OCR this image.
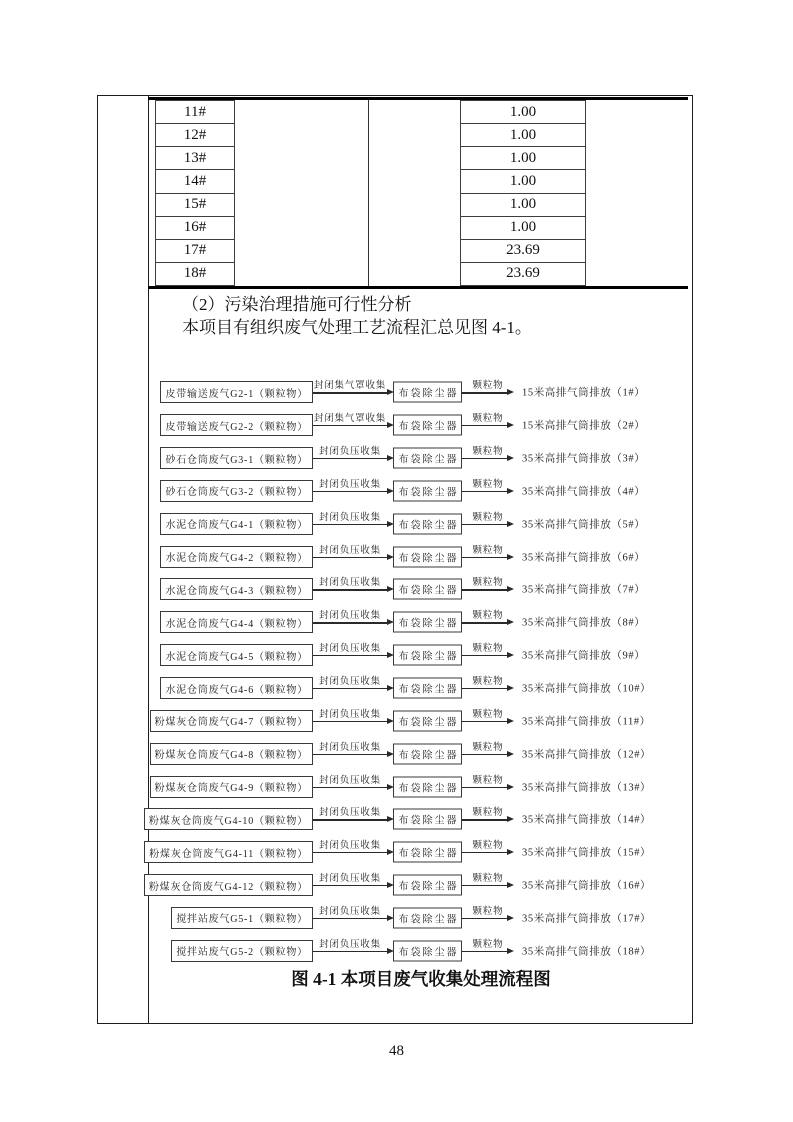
11#
12#
13#
14#
15#
16#
17#
18#
1.00
1.00
1.00
1.00
1.00
1.00
23.69
23.69
（2）污染治理措施可行性分析
本项目有组织废气处理工艺流程汇总见图 4-1。
皮带输送废气G2-1（颗粒物）
封闭集气罩收集
布袋除尘器
颗粒物
15米高排气筒排放（1#）
皮带输送废气G2-2（颗粒物）
封闭集气罩收集
布袋除尘器
颗粒物
15米高排气筒排放（2#）
砂石仓筒废气G3-1（颗粒物）
封闭负压收集
布袋除尘器
颗粒物
35米高排气筒排放（3#）
砂石仓筒废气G3-2（颗粒物）
封闭负压收集
布袋除尘器
颗粒物
35米高排气筒排放（4#）
水泥仓筒废气G4-1（颗粒物）
封闭负压收集
布袋除尘器
颗粒物
35米高排气筒排放（5#）
水泥仓筒废气G4-2（颗粒物）
封闭负压收集
布袋除尘器
颗粒物
35米高排气筒排放（6#）
水泥仓筒废气G4-3（颗粒物）
封闭负压收集
布袋除尘器
颗粒物
35米高排气筒排放（7#）
水泥仓筒废气G4-4（颗粒物）
封闭负压收集
布袋除尘器
颗粒物
35米高排气筒排放（8#）
水泥仓筒废气G4-5（颗粒物）
封闭负压收集
布袋除尘器
颗粒物
35米高排气筒排放（9#）
水泥仓筒废气G4-6（颗粒物）
封闭负压收集
布袋除尘器
颗粒物
35米高排气筒排放（10#）
粉煤灰仓筒废气G4-7（颗粒物）
封闭负压收集
布袋除尘器
颗粒物
35米高排气筒排放（11#）
粉煤灰仓筒废气G4-8（颗粒物）
封闭负压收集
布袋除尘器
颗粒物
35米高排气筒排放（12#）
粉煤灰仓筒废气G4-9（颗粒物）
封闭负压收集
布袋除尘器
颗粒物
35米高排气筒排放（13#）
粉煤灰仓筒废气G4-10（颗粒物）
封闭负压收集
布袋除尘器
颗粒物
35米高排气筒排放（14#）
粉煤灰仓筒废气G4-11（颗粒物）
封闭负压收集
布袋除尘器
颗粒物
35米高排气筒排放（15#）
粉煤灰仓筒废气G4-12（颗粒物）
封闭负压收集
布袋除尘器
颗粒物
35米高排气筒排放（16#）
搅拌站废气G5-1（颗粒物）
封闭负压收集
布袋除尘器
颗粒物
35米高排气筒排放（17#）
搅拌站废气G5-2（颗粒物）
封闭负压收集
布袋除尘器
颗粒物
35米高排气筒排放（18#）
图 4-1 本项目废气收集处理流程图
48
